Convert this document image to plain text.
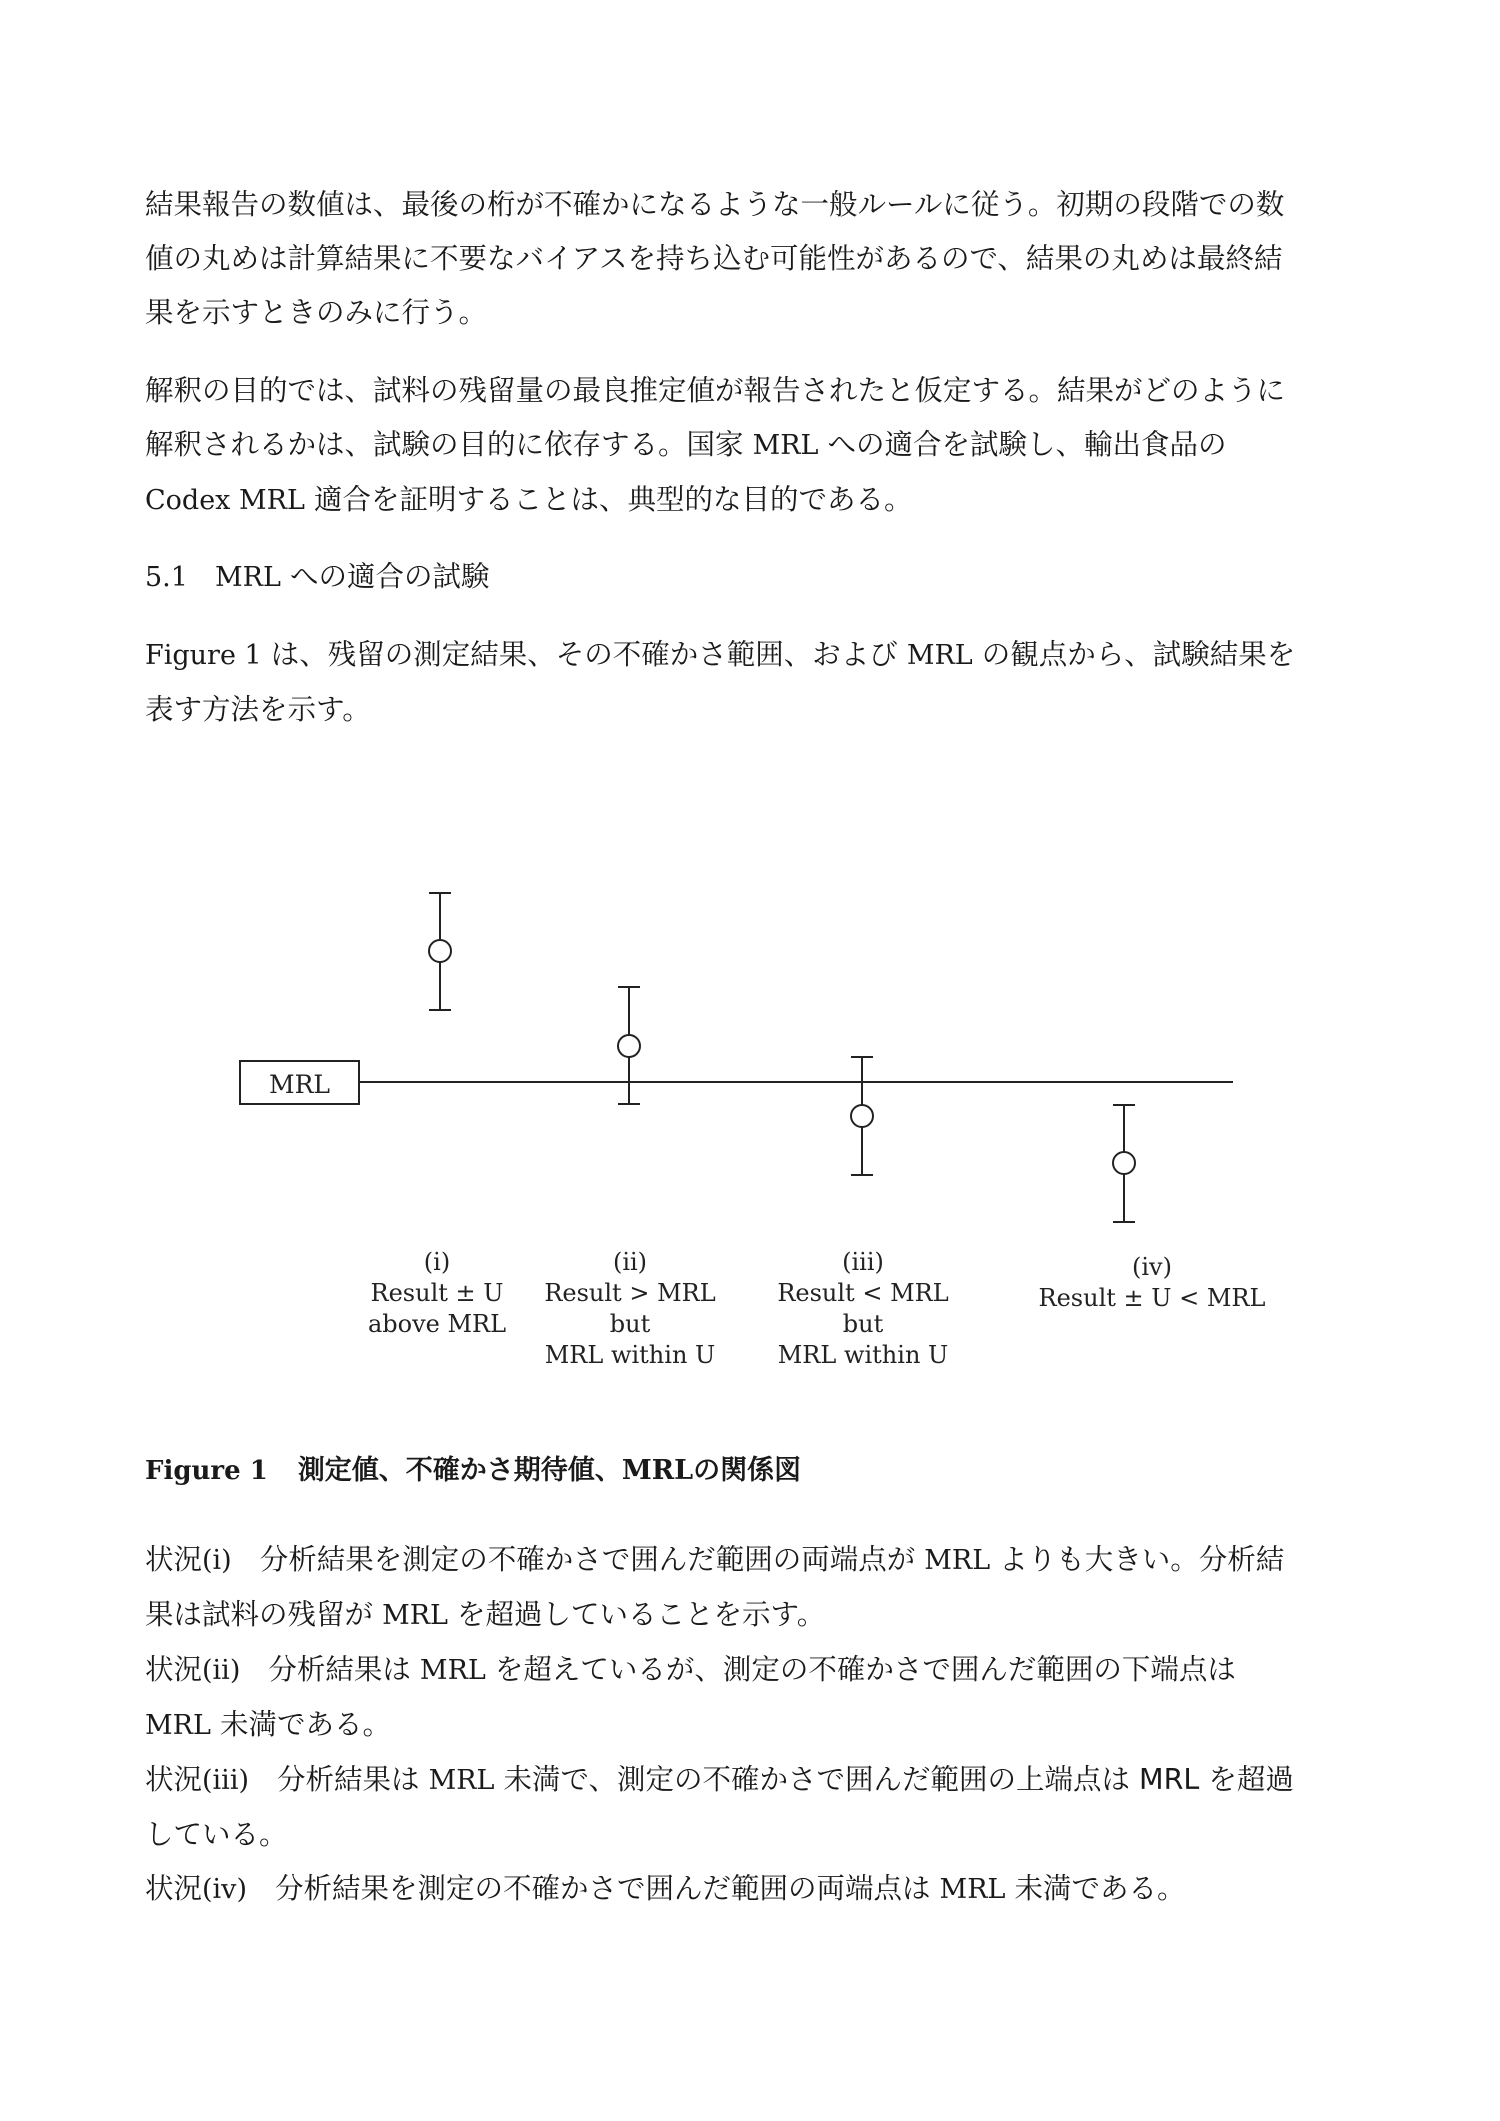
結果報告の数値は、最後の桁が不確かになるような一般ルールに従う。初期の段階での数
値の丸めは計算結果に不要なバイアスを持ち込む可能性があるので、結果の丸めは最終結
果を示すときのみに行う。

解釈の目的では、試料の残留量の最良推定値が報告されたと仮定する。結果がどのように
解釈されるかは、試験の目的に依存する。国家 MRL への適合を試験し、輸出食品の
Codex MRL 適合を証明することは、典型的な目的である。

5.1 MRL への適合の試験

Figure 1 は、残留の測定結果、その不確かさ範囲、および MRL の観点から、試験結果を
表す方法を示す。

MRL
(i)
Result ± U
above MRL
(ii)
Result > MRL
but
MRL within U
(iii)
Result < MRL
but
MRL within U
(iv)
Result ± U < MRL
Figure 1 測定値、不確かさ期待値、MRLの関係図
状況(i) 分析結果を測定の不確かさで囲んだ範囲の両端点が MRL よりも大きい。分析結
果は試料の残留が MRL を超過していることを示す。
状況(ii) 分析結果は MRL を超えているが、測定の不確かさで囲んだ範囲の下端点は
MRL 未満である。
状況(iii) 分析結果は MRL 未満で、測定の不確かさで囲んだ範囲の上端点は MRL を超過
している。
状況(iv) 分析結果を測定の不確かさで囲んだ範囲の両端点は MRL 未満である。
